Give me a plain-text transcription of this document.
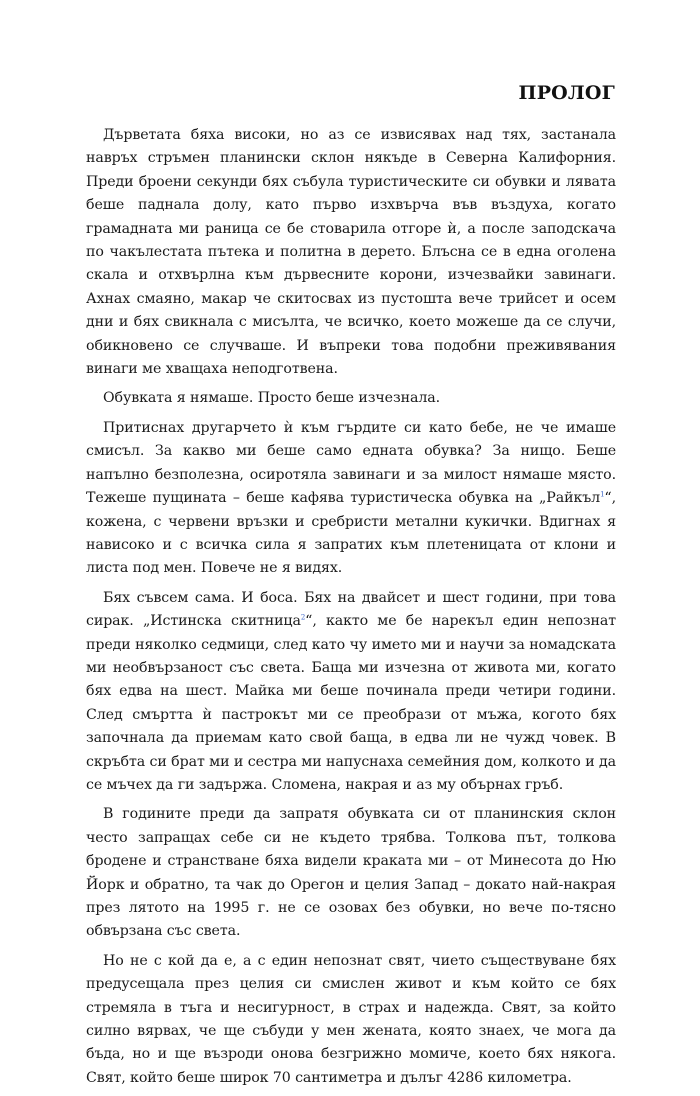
ПРОЛОГ

Дърветата бяха високи, но аз се извисявах над тях, застанала навръх стръмен планински склон някъде в Северна Калифорния. Преди броени секунди бях събула туристическите си обувки и лявата беше паднала долу, като първо изхвърча във въздуха, когато грамадната ми раница се бе стоварила отгоре ѝ, а после заподскача по чакълестата пътека и политна в дерето. Блъсна се в една оголена скала и отхвърлна към дървесните корони, изчезвайки завинаги. Ахнах смаяно, макар че скитосвах из пустошта вече трийсет и осем дни и бях свикнала с мисълта, че всичко, което можеше да се случи, обикновено се случваше. И въпреки това подобни преживявания винаги ме хващаха неподготвена.

Обувката я нямаше. Просто беше изчезнала.

Притиснах другарчето ѝ към гърдите си като бебе, не че имаше смисъл. За какво ми беше само едната обувка? За нищо. Беше напълно безполезна, осиротяла завинаги и за милост нямаше място. Тежеше пущината – беше кафява туристическа обувка на „Райкъл$^1$“, кожена, с червени връзки и сребристи метални кукички. Вдигнах я нависоко и с всичка сила я запратих към плетеницата от клони и листа под мен. Повече не я видях.

Бях съвсем сама. И боса. Бях на двайсет и шест години, при това сирак. „Истинска скитница$^2$“, както ме бе нарекъл един непознат преди няколко седмици, след като чу името ми и научи за номадската ми необвързаност със света. Баща ми изчезна от живота ми, когато бях едва на шест. Майка ми беше починала преди четири години. След смъртта ѝ пастрокът ми се преобрази от мъжа, когото бях започнала да приемам като свой баща, в едва ли не чужд човек. В скръбта си брат ми и сестра ми напуснаха семейния дом, колкото и да се мъчех да ги задържа. Сломена, накрая и аз му обърнах гръб.

В годините преди да запратя обувката си от планинския склон често запращах себе си не където трябва. Толкова път, толкова бродене и странстване бяха видели краката ми – от Минесота до Ню Йорк и обратно, та чак до Орегон и целия Запад – докато най-накрая през лятото на 1995 г. не се озовах без обувки, но вече по-тясно обвързана със света.

Но не с кой да е, а с един непознат свят, чието съществуване бях предусещала през целия си смислен живот и към който се бях стремяла в тъга и несигурност, в страх и надежда. Свят, за който силно вярвах, че ще събуди у мен жената, която знаех, че мога да бъда, но и ще възроди онова безгрижно момиче, което бях някога. Свят, който беше широк 70 сантиметра и дълъг 4286 километра.
